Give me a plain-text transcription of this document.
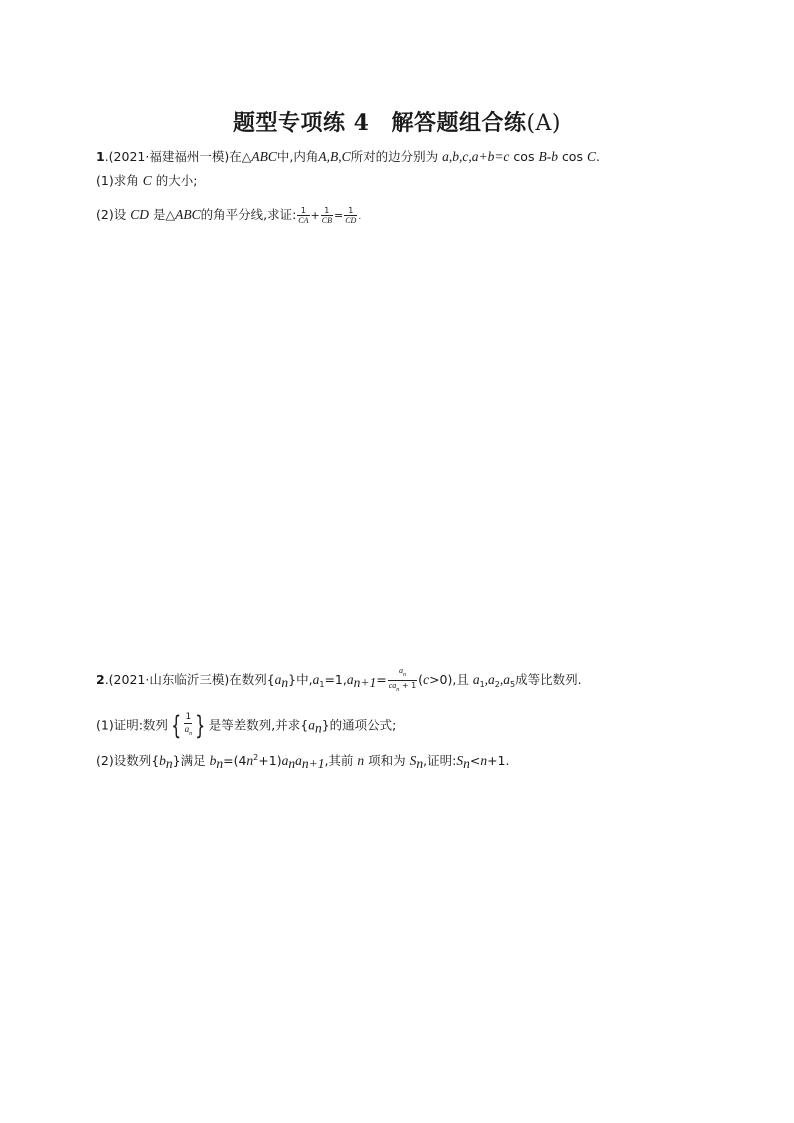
题型专项练 4 解答题组合练(A)
1.(2021·福建福州一模)在△ABC中,内角A,B,C所对的边分别为 a,b,c,a+b=c cos B-b cos C.
(1)求角 C 的大小;
(2)设 CD 是△ABC的角平分线,求证: $\frac{1}{CA} + \frac{1}{CB} = \frac{1}{CD}$ .
2.(2021·山东临沂三模)在数列$\{a_n\}$中$,a_1=1,a_{n+1}= \frac{a_n}{ca_n + 1} (c>0)$,且 $a_1,a_2,a_5$成等比数列.
(1)证明:数列 { $\frac{1}{a_n}$ } 是等差数列,并求$\{a_n\}$的通项公式;
(2)设数列$\{b_n\}$满足 $b_n=(4n^2+1)a_na_{n+1}$,其前 n 项和为 $S_n$,证明$:S_n<n+1$.
